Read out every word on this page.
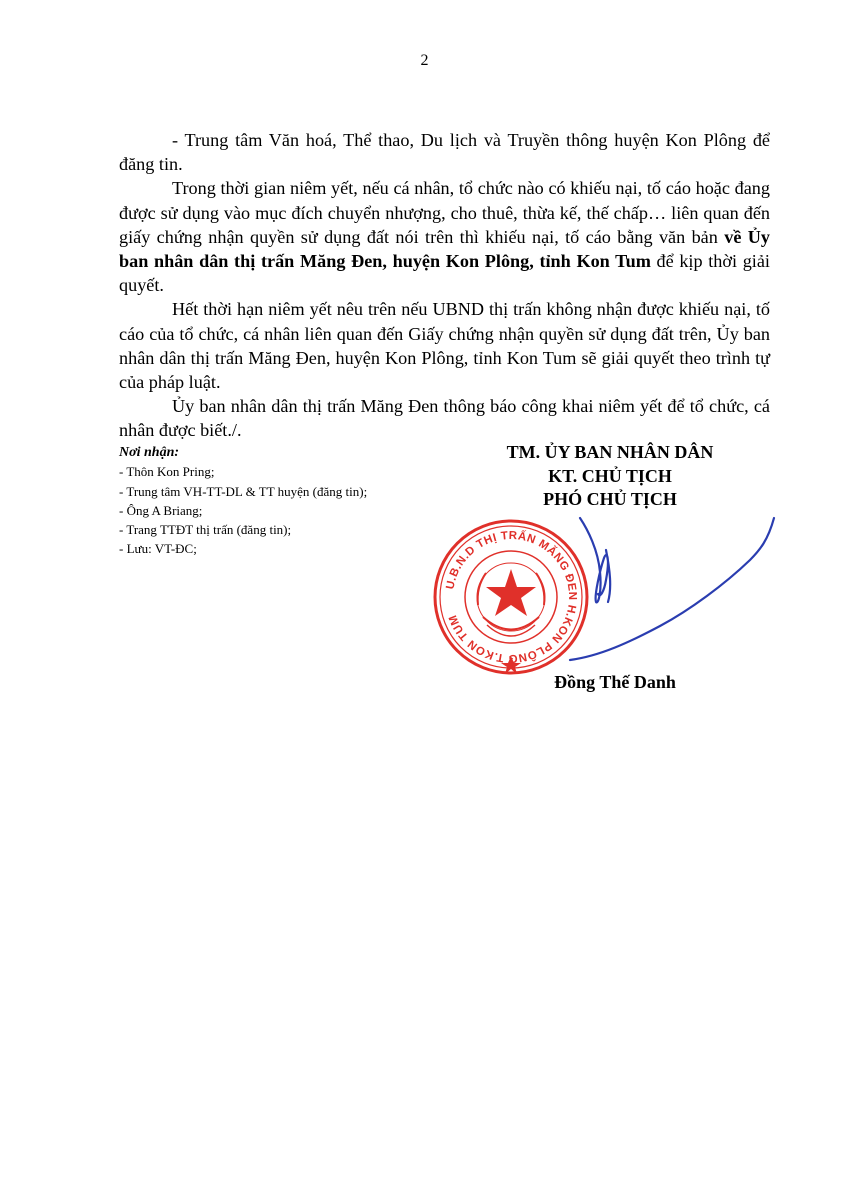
2

- Trung tâm Văn hoá, Thể thao, Du lịch và Truyền thông huyện Kon Plông để đăng tin.

Trong thời gian niêm yết, nếu cá nhân, tổ chức nào có khiếu nại, tố cáo hoặc đang được sử dụng vào mục đích chuyển nhượng, cho thuê, thừa kế, thế chấp… liên quan đến giấy chứng nhận quyền sử dụng đất nói trên thì khiếu nại, tố cáo bằng văn bản về Ủy ban nhân dân thị trấn Măng Đen, huyện Kon Plông, tỉnh Kon Tum để kịp thời giải quyết.

Hết thời hạn niêm yết nêu trên nếu UBND thị trấn không nhận được khiếu nại, tố cáo của tổ chức, cá nhân liên quan đến Giấy chứng nhận quyền sử dụng đất trên, Ủy ban nhân dân thị trấn Măng Đen, huyện Kon Plông, tỉnh Kon Tum sẽ giải quyết theo trình tự của pháp luật.

Ủy ban nhân dân thị trấn Măng Đen thông báo công khai niêm yết để tổ chức, cá nhân được biết./.

Nơi nhận:
- Thôn Kon Pring;
- Trung tâm VH-TT-DL & TT huyện (đăng tin);
- Ông A Briang;
- Trang TTĐT thị trấn (đăng tin);
- Lưu: VT-ĐC;
TM. ỦY BAN NHÂN DÂN
KT. CHỦ TỊCH
PHÓ CHỦ TỊCH
U.B.N.D THỊ TRẤN MĂNG ĐEN H.KON PLÔNG T.KON TUM
Đồng Thế Danh
